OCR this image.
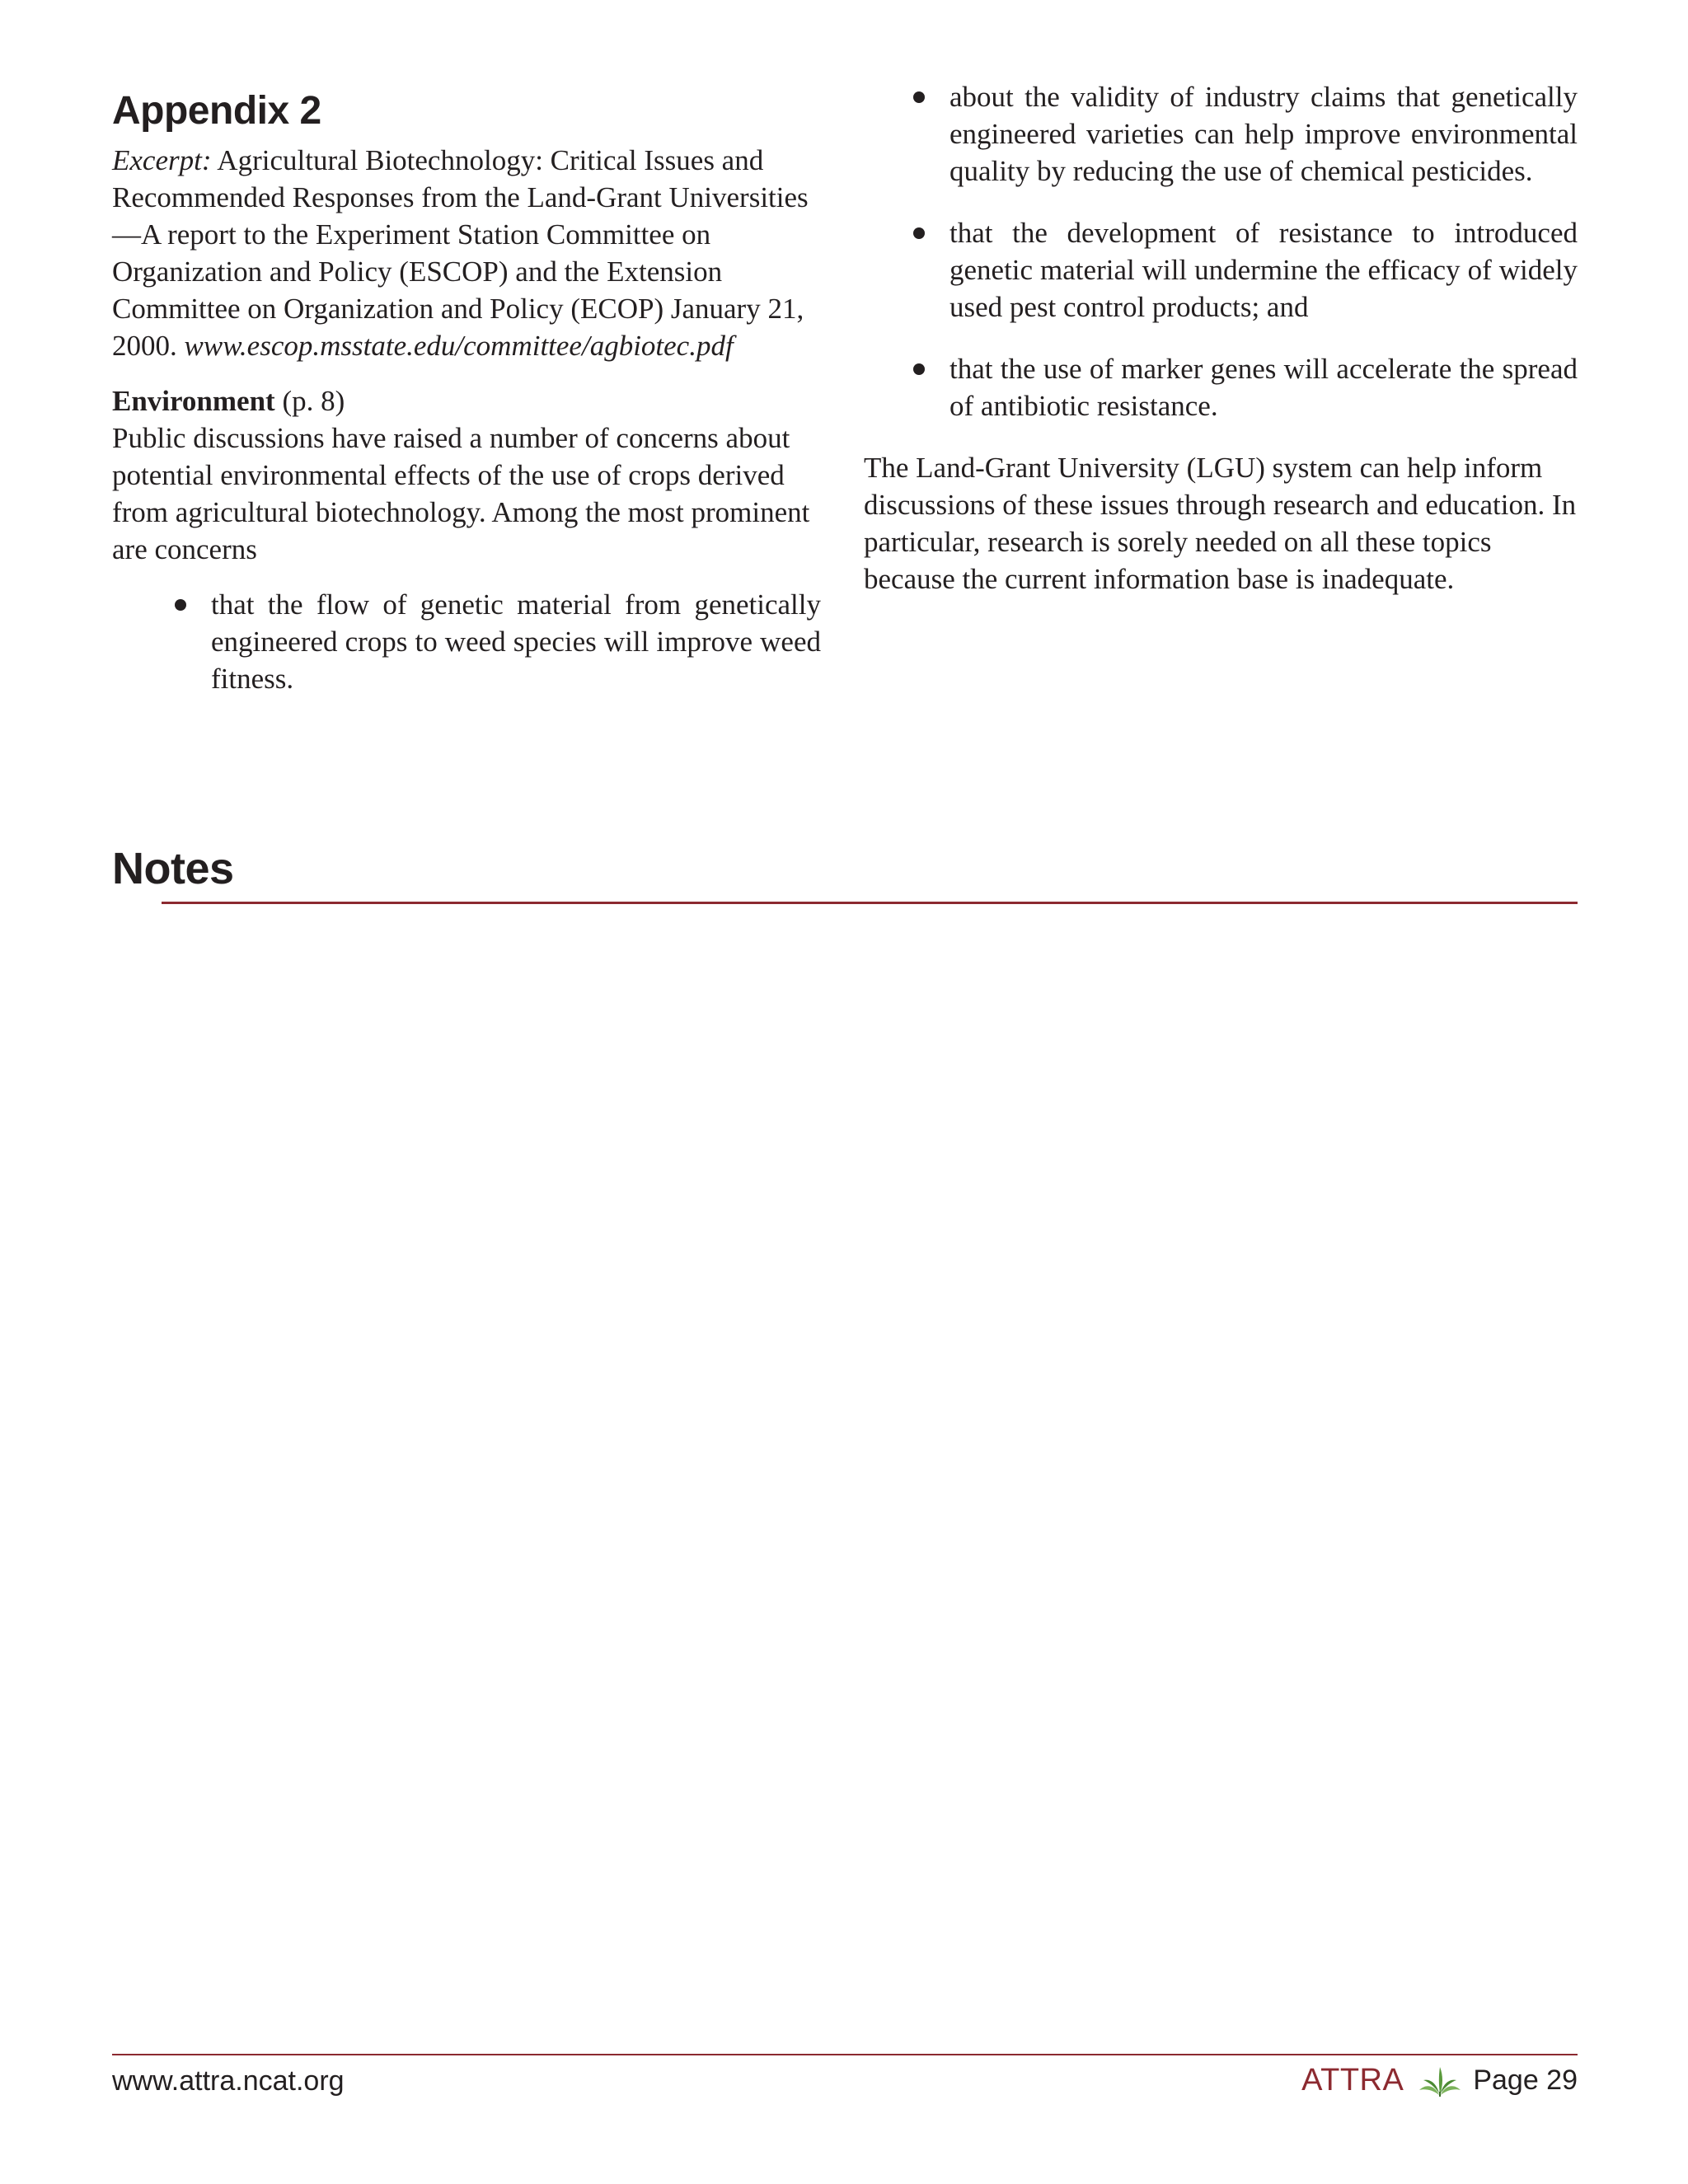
Appendix 2

Excerpt: Agricultural Biotechnology: Critical Issues and Recommended Responses from the Land-Grant Universities—A report to the Experiment Station Committee on Organization and Policy (ESCOP) and the Extension Committee on Organization and Policy (ECOP) January 21, 2000. www.escop.msstate.edu/committee/agbiotec.pdf

Environment (p. 8)
Public discussions have raised a number of concerns about potential environmental effects of the use of crops derived from agricultural biotechnology. Among the most prominent are concerns

that the flow of genetic material from genetically engineered crops to weed species will improve weed fitness.
about the validity of industry claims that genetically engineered varieties can help improve environmental quality by reducing the use of chemical pesticides.
that the development of resistance to introduced genetic material will undermine the efficacy of widely used pest control products; and
that the use of marker genes will accelerate the spread of antibiotic resistance.

The Land-Grant University (LGU) system can help inform discussions of these issues through research and education. In particular, research is sorely needed on all these topics because the current information base is inadequate.

Notes
www.attra.ncat.org	ATTRA Page 29
